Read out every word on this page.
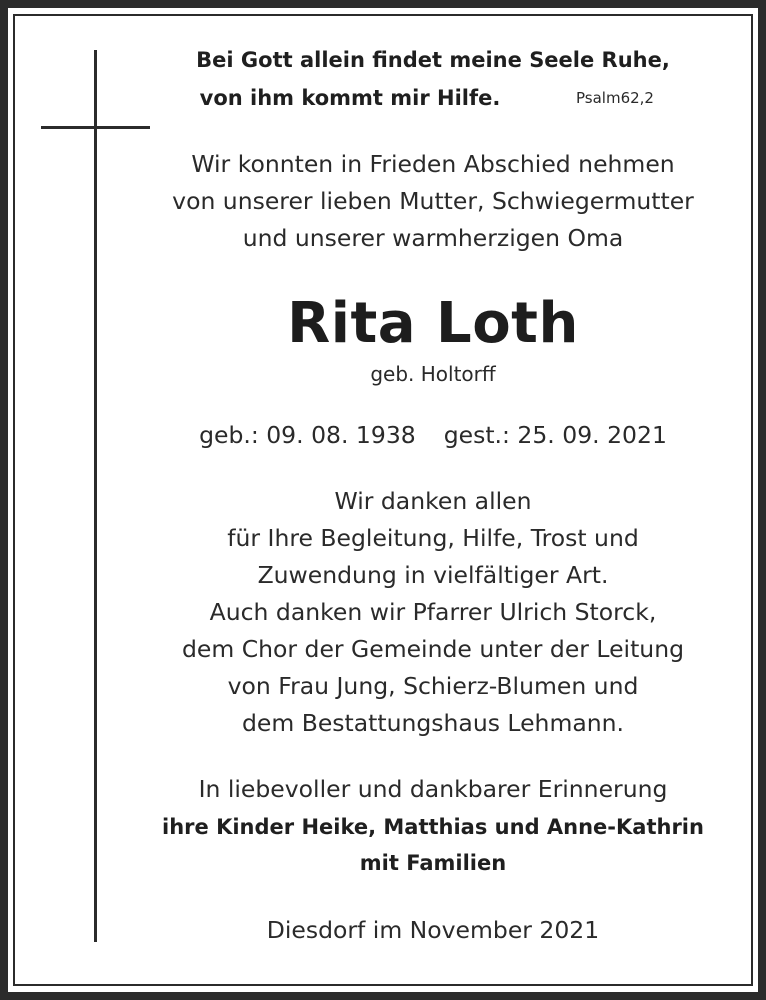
Bei Gott allein findet meine Seele Ruhe,
von ihm kommt mir Hilfe.	Psalm62,2
Wir konnten in Frieden Abschied nehmen
von unserer lieben Mutter, Schwiegermutter
und unserer warmherzigen Oma
Rita Loth
geb. Holtorff
geb.: 09. 08. 1938 gest.: 25. 09. 2021
Wir danken allen
für Ihre Begleitung, Hilfe, Trost und
Zuwendung in vielfältiger Art.
Auch danken wir Pfarrer Ulrich Storck,
dem Chor der Gemeinde unter der Leitung
von Frau Jung, Schierz-Blumen und
dem Bestattungshaus Lehmann.
In liebevoller und dankbarer Erinnerung
ihre Kinder Heike, Matthias und Anne-Kathrin
mit Familien
Diesdorf im November 2021
